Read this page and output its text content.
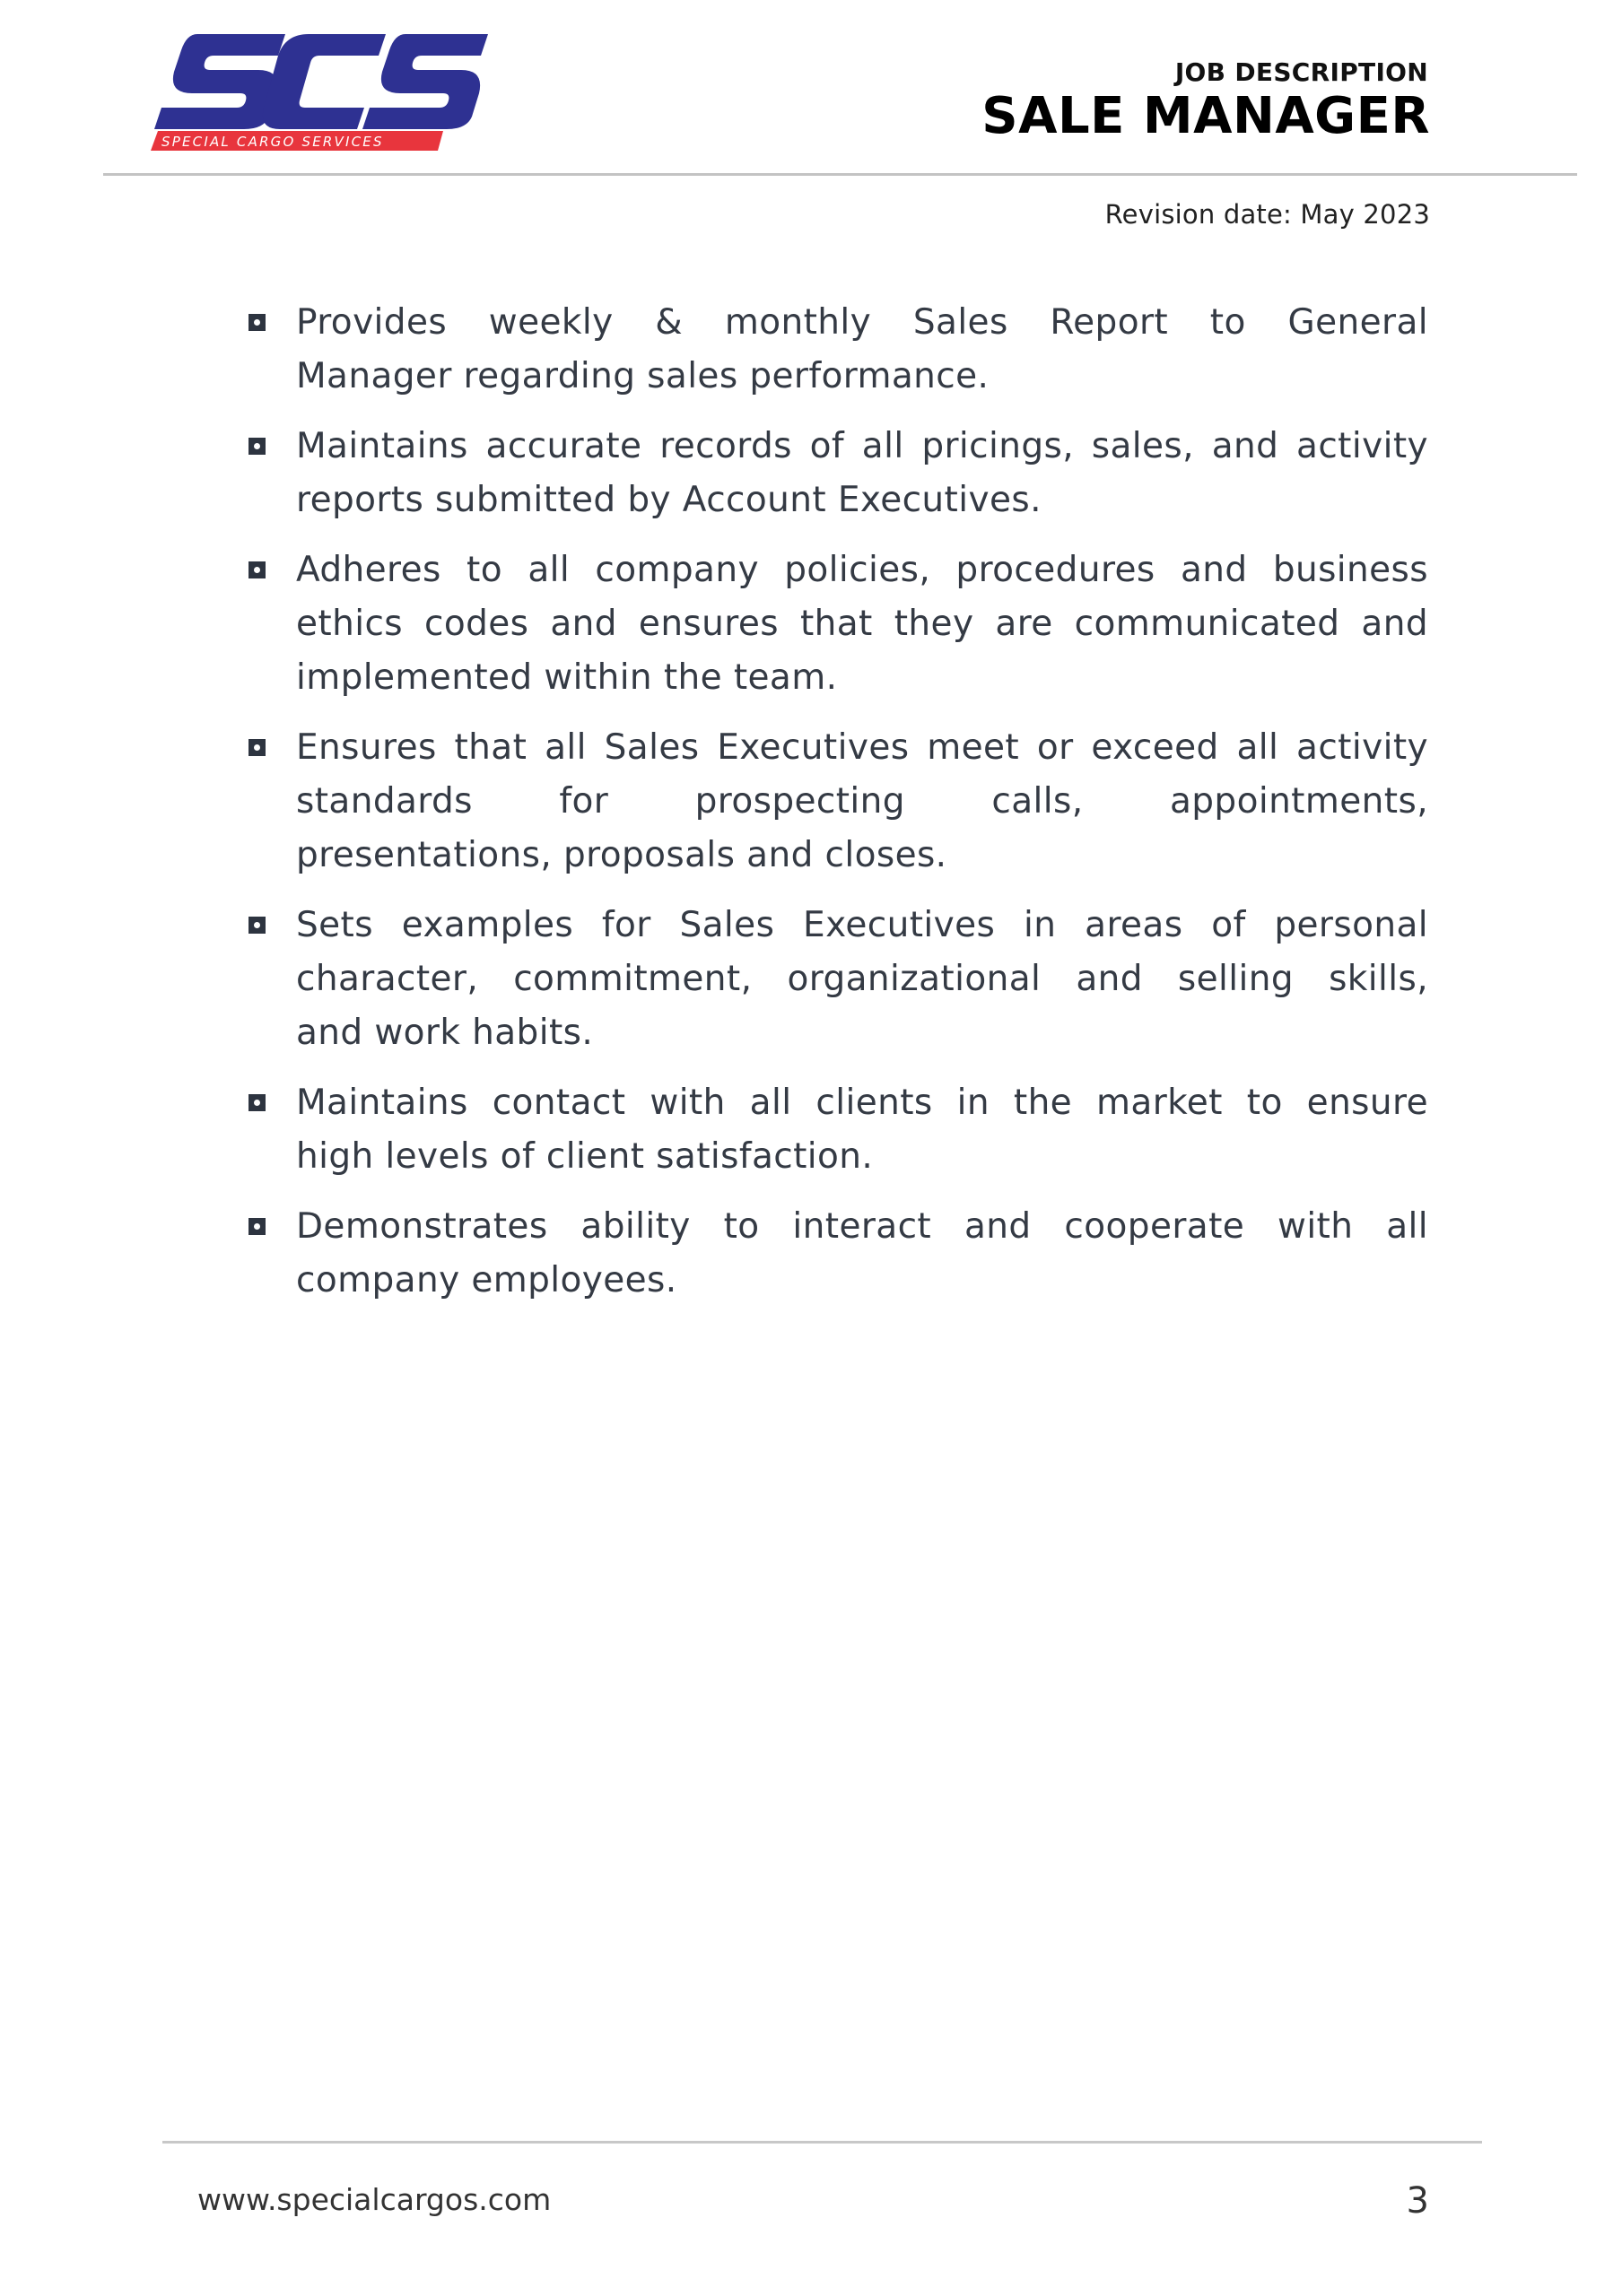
SPECIAL CARGO SERVICES
JOB DESCRIPTION
SALE MANAGER
Revision date: May 2023
Provides weekly & monthly Sales Report to General
Manager regarding sales performance.
Maintains accurate records of all pricings, sales, and activity
reports submitted by Account Executives.
Adheres to all company policies, procedures and business
ethics codes and ensures that they are communicated and
implemented within the team.
Ensures that all Sales Executives meet or exceed all activity
standards for prospecting calls, appointments,
presentations, proposals and closes.
Sets examples for Sales Executives in areas of personal
character, commitment, organizational and selling skills,
and work habits.
Maintains contact with all clients in the market to ensure
high levels of client satisfaction.
Demonstrates ability to interact and cooperate with all
company employees.
www.specialcargos.com	3
